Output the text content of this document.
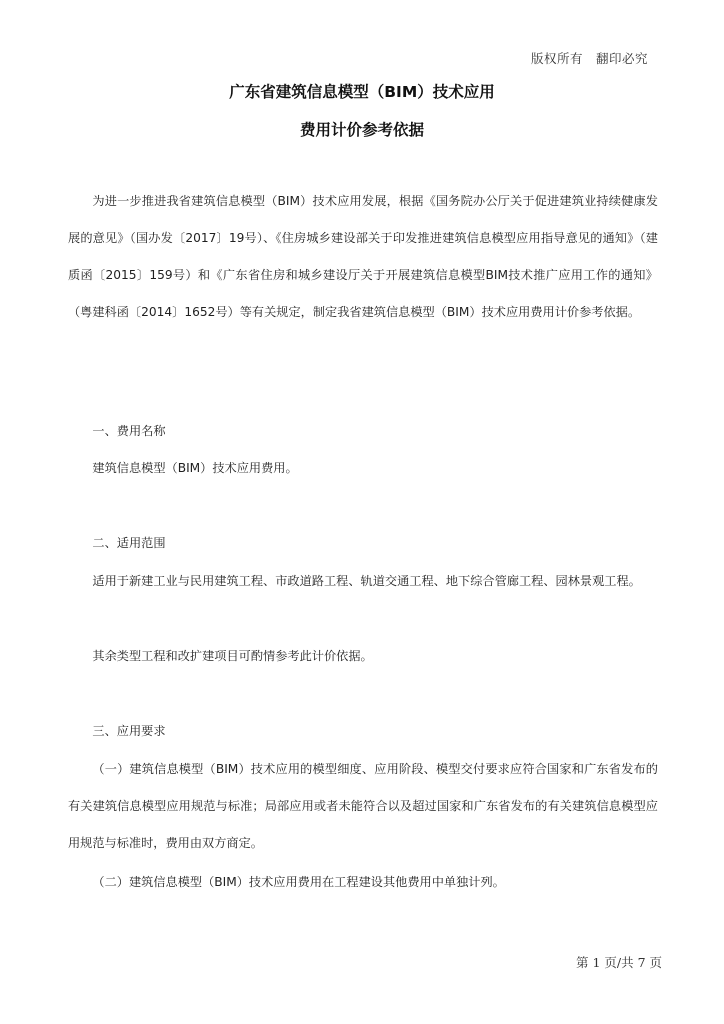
版权所有　翻印必究
广东省建筑信息模型（BIM）技术应用
费用计价参考依据

为进一步推进我省建筑信息模型（BIM）技术应用发展，根据《国务院办公厅关于促进建筑业持续健康发展的意见》（国办发〔2017〕19号）、《住房城乡建设部关于印发推进建筑信息模型应用指导意见的通知》（建质函〔2015〕159号）和《广东省住房和城乡建设厅关于开展建筑信息模型BIM技术推广应用工作的通知》（粤建科函〔2014〕1652号）等有关规定，制定我省建筑信息模型（BIM）技术应用费用计价参考依据。

一、费用名称

建筑信息模型（BIM）技术应用费用。

二、适用范围

适用于新建工业与民用建筑工程、市政道路工程、轨道交通工程、地下综合管廊工程、园林景观工程。

其余类型工程和改扩建项目可酌情参考此计价依据。

三、应用要求

（一）建筑信息模型（BIM）技术应用的模型细度、应用阶段、模型交付要求应符合国家和广东省发布的有关建筑信息模型应用规范与标准；局部应用或者未能符合以及超过国家和广东省发布的有关建筑信息模型应用规范与标准时，费用由双方商定。

（二）建筑信息模型（BIM）技术应用费用在工程建设其他费用中单独计列。

第 1 页/共 7 页
